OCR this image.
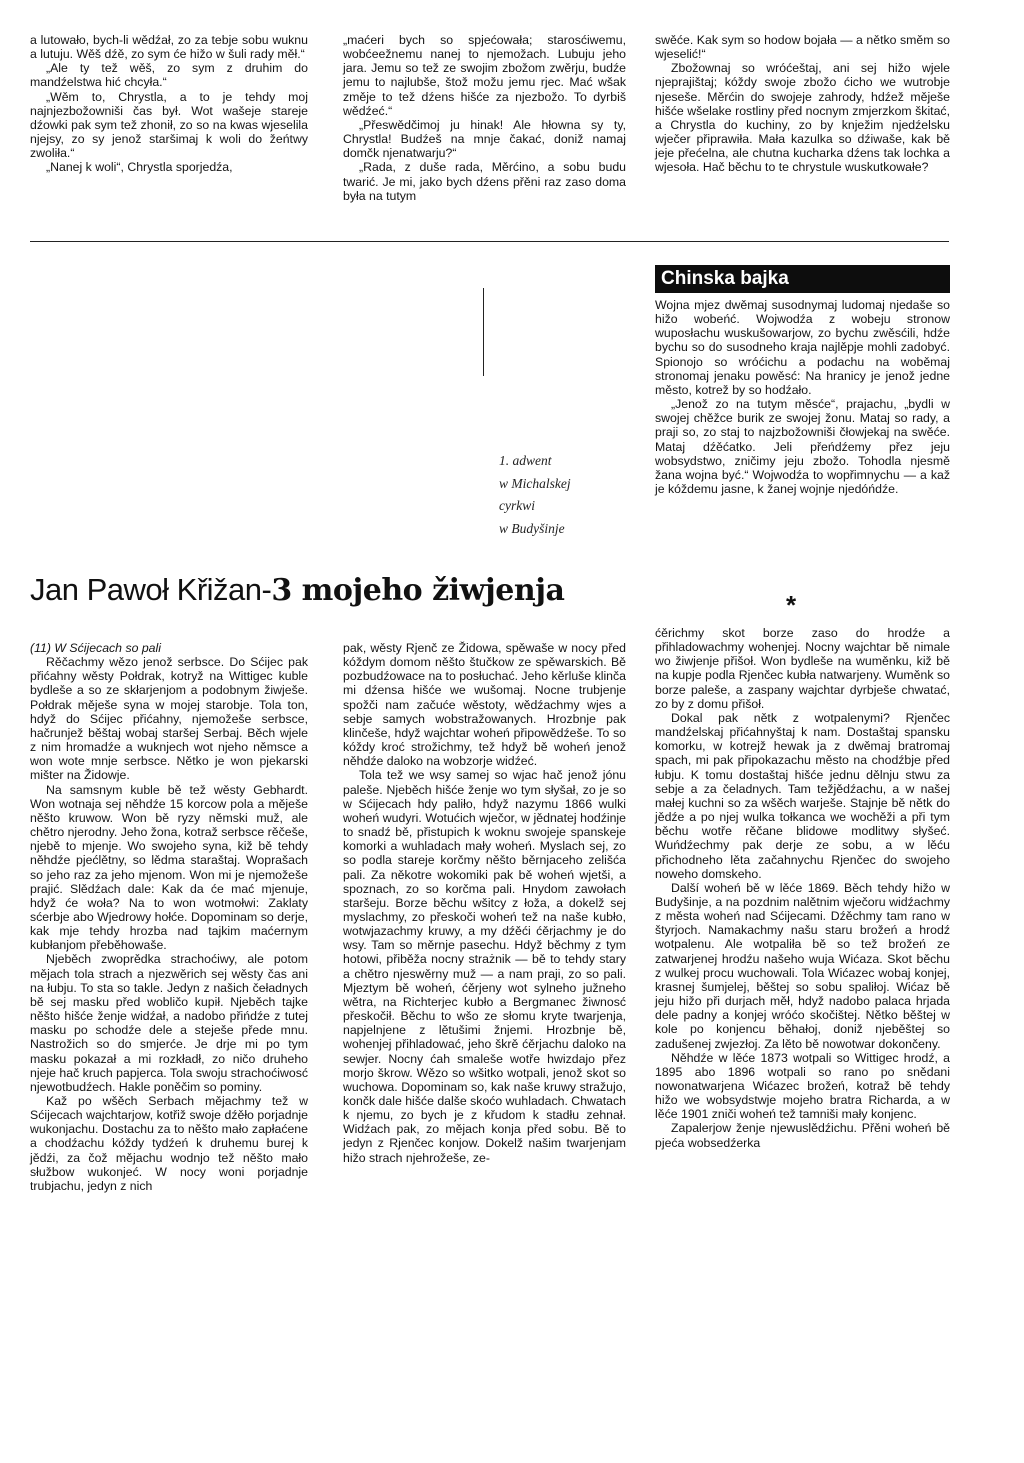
a lutowało, bych-li wědźał, zo za tebje sobu wuknu a lutuju. Wěš dźě, zo sym će hižo w šuli rady měł.“

„Ale ty tež wěš, zo sym z druhim do mandźelstwa hić chcyła.“

„Wěm to, Chrystla, a to je tehdy moj najnjezbožowniši čas był. Wot wašeje stareje dźowki pak sym tež zhonił, zo so na kwas wjeselila njejsy, zo sy jenož staršimaj k woli do žeńtwy zwoliła.“

„Nanej k woli“, Chrystla sporjedźa,

„maćeri bych so spjećowała; starosćiwemu, wobćeežnemu nanej to njemožach. Lubuju jeho jara. Jemu so tež ze swojim zbožom zwěrju, budźe jemu to najlubše, štož možu jemu rjec. Mać wšak změje to tež dźens hišće za njezbožo. To dyrbiš wědźeć.“

„Přeswědčimoj ju hinak! Ale hłowna sy ty, Chrystla! Budźeš na mnje čakać, doniž namaj domčk njenatwarju?“

„Rada, z duše rada, Měrćino, a sobu budu twarić. Je mi, jako bych dźens přěni raz zaso doma była na tutym

swěće. Kak sym so hodow bojała — a nětko směm so wjeselić!“

Zbožownaj so wróćeštaj, ani sej hižo wjele njeprajištaj; kóždy swoje zbožo ćicho we wutrobje njeseše. Měrćin do swojeje zahrody, hdźež měješe hišće wšelake rostliny před nocnym zmjerzkom škitać, a Chrystla do kuchiny, zo by knježim njedźelsku wječer připrawiła. Mała kazulka so dźiwaše, kak bě jeje přećelna, ale chutna kucharka dźens tak lochka a wjesoła. Hač běchu to te chrystule wuskutkowałe?

1. adwent
w Michalskej
cyrkwi
w Budyšinje
Jan Pawoł Křižan-3 mojeho žiwjenja
Chinska bajka

Wojna mjez dwěmaj susodnymaj ludomaj njedaše so hižo wobeńć. Wojwodźa z wobeju stronow wuposłachu wuskušowarjow, zo bychu zwěsćili, hdźe bychu so do susodneho kraja najlěpje mohli zadobyć. Spionojo so wróćichu a podachu na woběmaj stronomaj jenaku powěsć: Na hranicy je jenož jedne město, kotrež by so hodźało.

„Jenož zo na tutym měsće“, prajachu, „bydli w swojej chěžce burik ze swojej žonu. Mataj so rady, a praji so, zo staj to najzbožowniši čłowjekaj na swěće. Mataj dźěćatko. Jeli přeńdźemy přez jeju wobsydstwo, zničimy jeju zbožo. Tohodla njesmě žana wojna być.“ Wojwodźa to wopřimnychu — a kaž je kóždemu jasne, k žanej wojnje njedóńdźe.

*

(11) W Sćijecach so pali

Rěčachmy wězo jenož serbsce. Do Sćijec pak přićahny wěsty Połdrak, kotryž na Wittigec kuble bydleše a so ze skłarjenjom a podobnym žiwješe. Połdrak měješe syna w mojej starobje. Tola ton, hdyž do Sćijec přićahny, njemožeše serbsce, hačrunjež běštaj wobaj staršej Serbaj. Běch wjele z nim hromadźe a wuknjech wot njeho němsce a won wote mnje serbsce. Nětko je won pjekarski mišter na Židowje.

Na samsnym kuble bě tež wěsty Gebhardt. Won wotnaja sej něhdźe 15 korcow pola a měješe něšto kruwow. Won bě ryzy němski muž, ale chětro njerodny. Jeho žona, kotraž serbsce rěčeše, njebě to mjenje. Wo swojeho syna, kiž bě tehdy něhdźe pjećlětny, so lědma staraštaj. Woprašach so jeho raz za jeho mjenom. Won mi je njemožeše prajić. Slědźach dale: Kak da će mać mjenuje, hdyž će woła? Na to won wotmołwi: Zaklaty sćerbje abo Wjedrowy hołće. Dopominam so derje, kak mje tehdy hrozba nad tajkim maćernym kubłanjom přeběhowaše.

Njeběch zwoprědka strachoćiwy, ale potom mějach tola strach a njezwěrich sej wěsty čas ani na łubju. To sta so takle. Jedyn z našich čeładnych bě sej masku před wobličo kupił. Njeběch tajke něšto hišće ženje widźał, a nadobo přińdźe z tutej masku po schodźe dele a steješe přede mnu. Nastrožich so do smjerće. Je drje mi po tym masku pokazał a mi rozkładł, zo ničo druheho njeje hač kruch papjerca. Tola swoju strachoćiwosć njewotbudźech. Hakle poněčim so pominy.

Kaž po wšěch Serbach mějachmy tež w Sćijecach wajchtarjow, kotřiž swoje dźěło porjadnje wukonjachu. Dostachu za to něšto mało zapłaćene a chodźachu kóždy tydźeń k druhemu burej k jědźi, za čož mějachu wodnjo tež něšto mało słužbow wukonjeć. W nocy woni porjadnje trubjachu, jedyn z nich

pak, wěsty Rjenč ze Židowa, spěwaše w nocy před kóždym domom něšto štučkow ze spěwarskich. Bě pozbudźowace na to posłuchać. Jeho kěrluše klinča mi dźensa hišće we wušomaj. Nocne trubjenje spožči nam začuće wěstoty, wědźachmy wjes a sebje samych wobstražowanych. Hrozbnje pak klinčeše, hdyž wajchtar woheń připowědźeše. To so kóždy kroć strožichmy, tež hdyž bě woheń jenož něhdźe daloko na wobzorje widźeć.

Tola tež we wsy samej so wjac hač jenož jónu paleše. Njeběch hišće ženje wo tym słyšał, zo je so w Sćijecach hdy paliło, hdyž nazymu 1866 wulki woheń wudyri. Wotućich wječor, w jědnatej hodźinje to snadź bě, přistupich k woknu swojeje spanskeje komorki a wuhladach mały woheń. Myslach sej, zo so podla stareje korčmy něšto běrnjaceho zelišća pali. Za někotre wokomiki pak bě woheń wjetši, a spoznach, zo so korčma pali. Hnydom zawołach staršeju. Borze běchu wšitcy z łoža, a dokelž sej myslachmy, zo přeskoči woheń tež na naše kubło, wotwjazachmy kruwy, a my dźěći ćěrjachmy je do wsy. Tam so měrnje pasechu. Hdyž běchmy z tym hotowi, přiběža nocny strażnik — bě to tehdy stary a chětro njeswěrny muž — a nam praji, zo so pali. Mjeztym bě woheń, ćěrjeny wot sylneho južneho wětra, na Richterjec kubło a Bergmanec žiwnosć přeskočił. Běchu to wšo ze słomu kryte twarjenja, napjelnjene z lětušimi žnjemi. Hrozbnje bě, wohenjej přihladować, jeho škrě ćěrjachu daloko na sewjer. Nocny ćah smaleše wotře hwizdajo přez morjo škrow. Wězo so wšitko wotpali, jenož skot so wuchowa. Dopominam so, kak naše kruwy stražujo, končk dale hišće dalše skoćo wuhladach. Chwatach k njemu, zo bych je z křudom k stadłu zehnał. Widźach pak, zo mějach konja před sobu. Bě to jedyn z Rjenčec konjow. Dokelž našim twarjenjam hižo strach njehrožeše, ze-

ćěrichmy skot borze zaso do hrodźe a přihladowachmy wohenjej. Nocny wajchtar bě nimale wo žiwjenje přišoł. Won bydleše na wuměnku, kiž bě na kupje podla Rjenčec kubła natwarjeny. Wuměnk so borze paleše, a zaspany wajchtar dyrbješe chwatać, zo by z domu přišoł.

Dokal pak nětk z wotpalenymi? Rjenčec mandźelskaj přićahnyštaj k nam. Dostaštaj spansku komorku, w kotrejž hewak ja z dwěmaj bratromaj spach, mi pak připokazachu město na chodźbje před łubju. K tomu dostaštaj hišće jednu dělnju stwu za sebje a za čeladnych. Tam težjědźachu, a w našej małej kuchni so za wšěch warješe. Stajnje bě nětk do jědźe a po njej wulka tołkanca we wochěži a při tym běchu wotře rěčane blidowe modlitwy słyšeć. Wuńdźechmy pak derje ze sobu, a w lěću přichodneho lěta začahnychu Rjenčec do swojeho noweho domskeho.

Další woheń bě w lěće 1869. Běch tehdy hižo w Budyšinje, a na pozdnim nalětnim wječoru widźachmy z města woheń nad Sćijecami. Dźěchmy tam rano w štyrjoch. Namakachmy našu staru brožeń a hrodź wotpalenu. Ale wotpaliła bě so tež brožeń ze zatwarjenej hrodźu našeho wuja Wićaza. Skot běchu z wulkej procu wuchowali. Tola Wićazec wobaj konjej, krasnej šumjelej, běštej so sobu spaliłoj. Wićaz bě jeju hižo při durjach měł, hdyž nadobo palaca hrjada dele padny a konjej wróćo skočištej. Nětko běštej w kole po konjencu běhałoj, doniž njeběštej so zadušenej zwjezłoj. Za lěto bě nowotwar dokončeny.

Něhdźe w lěće 1873 wotpali so Wittigec hrodź, a 1895 abo 1896 wotpali so rano po snědani nowonatwarjena Wićazec brožeń, kotraž bě tehdy hižo we wobsydstwje mojeho bratra Richarda, a w lěće 1901 zniči woheń tež tamniši mały konjenc.

Zapalerjow ženje njewuslědźichu. Přěni woheń bě pjeća wobsedźerka
